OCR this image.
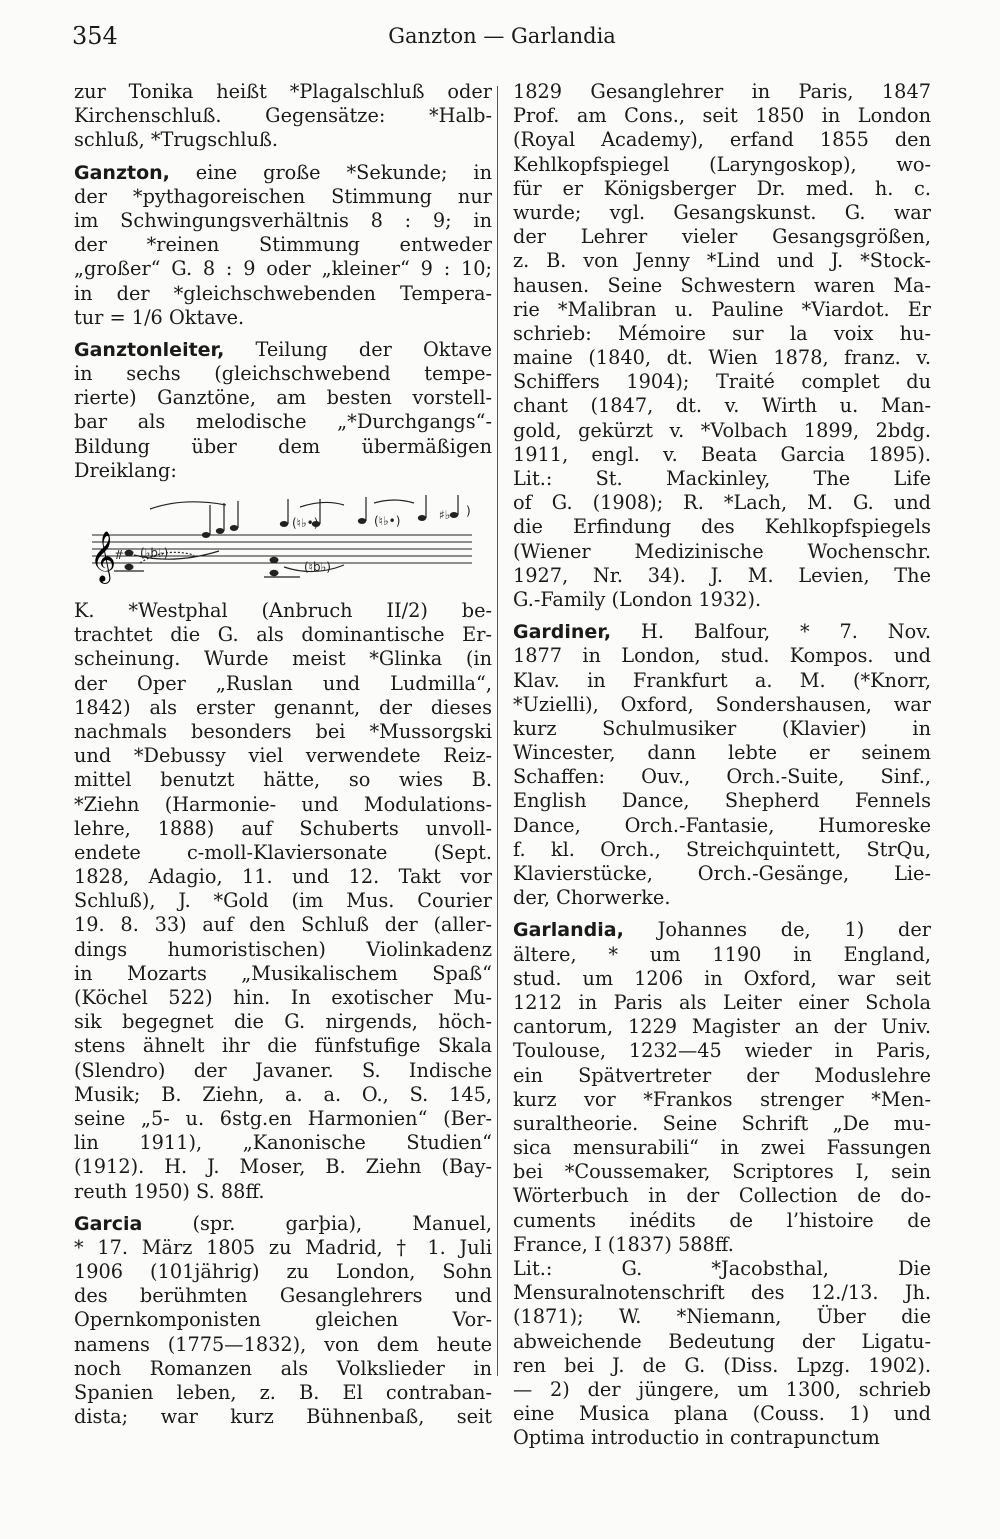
354	Ganzton — Garlandia
zur Tonika heißt *Plagalschluß oder
Kirchenschluß. Gegensätze: *Halb-
schluß, *Trugschluß.
Ganzton, eine große *Sekunde; in
der *pythagoreischen Stimmung nur
im Schwingungsverhältnis 8 : 9; in
der *reinen Stimmung entweder
„großer“ G. 8 : 9 oder „kleiner“ 9 : 10;
in der *gleichschwebenden Tempera-
tur = 1/6 Oktave.
Ganztonleiter, Teilung der Oktave
in sechs (gleichschwebend tempe-
rierte) Ganztöne, am besten vorstell-
bar als melodische „*Durchgangs“-
Bildung über dem übermäßigen
Dreiklang:
𝄞
# (♭b♭)
(♮♭•)	(♮♭•)
(♮b♭)
♯♭ )
K. *Westphal (Anbruch II/2) be-
trachtet die G. als dominantische Er-
scheinung. Wurde meist *Glinka (in
der Oper „Ruslan und Ludmilla“,
1842) als erster genannt, der dieses
nachmals besonders bei *Mussorgski
und *Debussy viel verwendete Reiz-
mittel benutzt hätte, so wies B.
*Ziehn (Harmonie- und Modulations-
lehre, 1888) auf Schuberts unvoll-
endete c-moll-Klaviersonate (Sept.
1828, Adagio, 11. und 12. Takt vor
Schluß), J. *Gold (im Mus. Courier
19. 8. 33) auf den Schluß der (aller-
dings humoristischen) Violinkadenz
in Mozarts „Musikalischem Spaß“
(Köchel 522) hin. In exotischer Mu-
sik begegnet die G. nirgends, höch-
stens ähnelt ihr die fünfstufige Skala
(Slendro) der Javaner. S. Indische
Musik; B. Ziehn, a. a. O., S. 145,
seine „5- u. 6stg.en Harmonien“ (Ber-
lin 1911), „Kanonische Studien“
(1912). H. J. Moser, B. Ziehn (Bay-
reuth 1950) S. 88ff.
Garcia	(spr. garþia), Manuel,
* 17. März 1805 zu Madrid, † 1. Juli
1906 (101jährig) zu London, Sohn
des berühmten Gesanglehrers und
Opernkomponisten gleichen Vor-
namens (1775—1832), von dem heute
noch Romanzen als Volkslieder in
Spanien leben, z. B. El contraban-
dista; war kurz Bühnenbaß, seit
1829 Gesanglehrer in Paris, 1847
Prof. am Cons., seit 1850 in London
(Royal Academy), erfand 1855 den
Kehlkopfspiegel (Laryngoskop), wo-
für er Königsberger Dr. med. h. c.
wurde; vgl. Gesangskunst. G. war
der Lehrer vieler Gesangsgrößen,
z. B. von Jenny *Lind und J. *Stock-
hausen. Seine Schwestern waren Ma-
rie *Malibran u. Pauline *Viardot. Er
schrieb: Mémoire sur la voix hu-
maine (1840, dt. Wien 1878, franz. v.
Schiffers 1904); Traité complet du
chant (1847, dt. v. Wirth u. Man-
gold, gekürzt v. *Volbach 1899, 2bdg.
1911, engl. v. Beata Garcia 1895).
Lit.: St. Mackinley, The Life
of G. (1908); R. *Lach, M. G. und
die Erfindung des Kehlkopfspiegels
(Wiener Medizinische Wochenschr.
1927, Nr. 34). J. M. Levien, The
G.-Family (London 1932).
Gardiner, H. Balfour, * 7. Nov.
1877 in London, stud. Kompos. und
Klav. in Frankfurt a. M. (*Knorr,
*Uzielli), Oxford, Sondershausen, war
kurz Schulmusiker (Klavier) in
Wincester, dann lebte er seinem
Schaffen: Ouv., Orch.-Suite, Sinf.,
English Dance, Shepherd Fennels
Dance, Orch.-Fantasie, Humoreske
f. kl. Orch., Streichquintett, StrQu,
Klavierstücke, Orch.-Gesänge, Lie-
der, Chorwerke.
Garlandia, Johannes de, 1) der
ältere, * um 1190 in England,
stud. um 1206 in Oxford, war seit
1212 in Paris als Leiter einer Schola
cantorum, 1229 Magister an der Univ.
Toulouse, 1232—45 wieder in Paris,
ein Spätvertreter der Moduslehre
kurz vor *Frankos strenger *Men-
suraltheorie. Seine Schrift „De mu-
sica mensurabili“ in zwei Fassungen
bei *Coussemaker, Scriptores I, sein
Wörterbuch in der Collection de do-
cuments inédits de l’histoire de
France, I (1837) 588ff.
Lit.: G. *Jacobsthal, Die
Mensuralnotenschrift des 12./13. Jh.
(1871); W. *Niemann, Über die
abweichende Bedeutung der Ligatu-
ren bei J. de G. (Diss. Lpzg. 1902).
— 2) der jüngere, um 1300, schrieb
eine Musica plana (Couss. 1) und
Optima introductio in contrapunctum
